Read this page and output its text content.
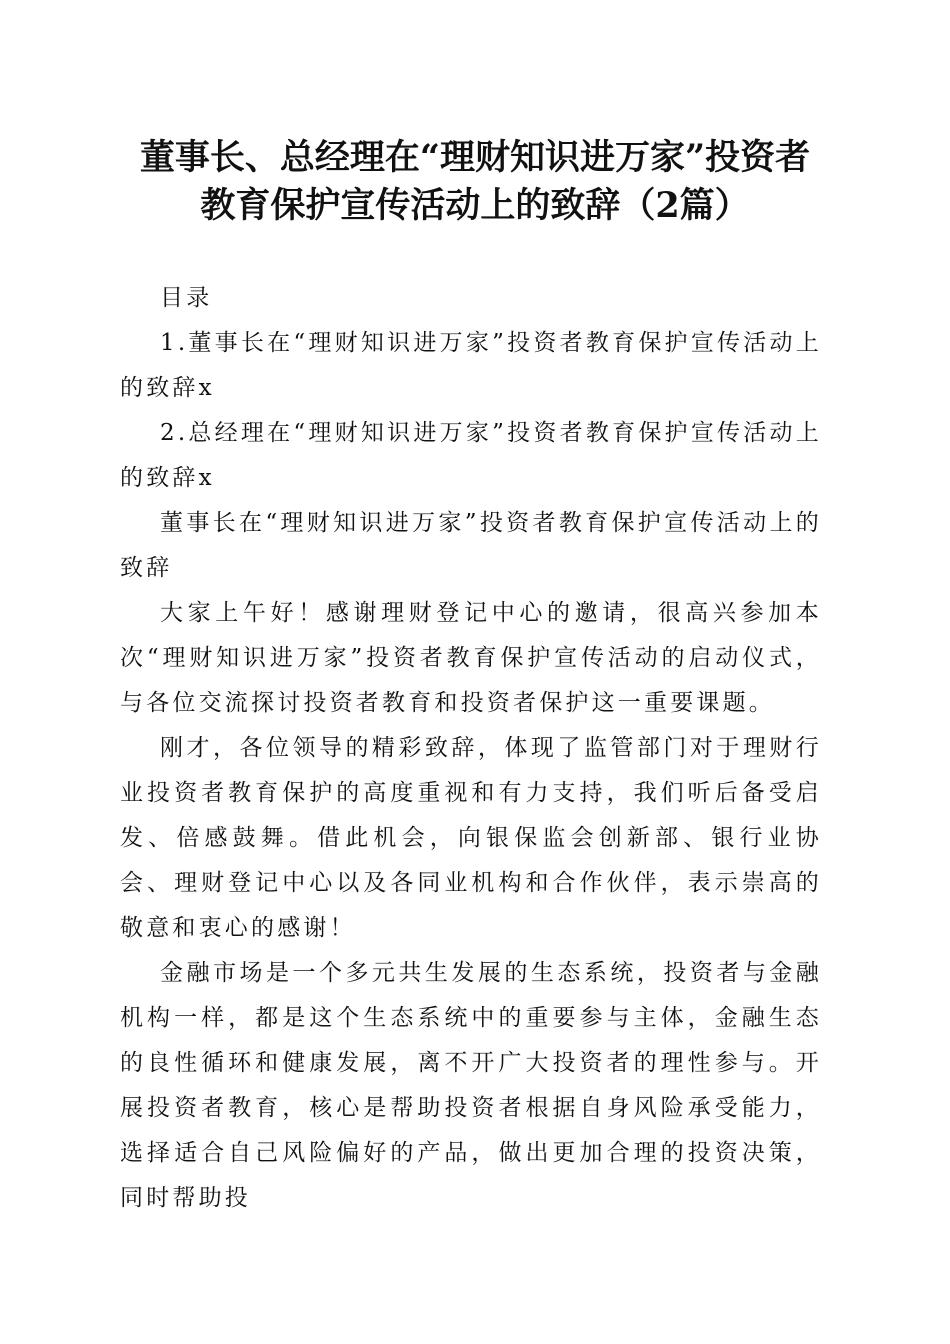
董事长、总经理在“理财知识进万家”投资者
教育保护宣传活动上的致辞（2篇）

目录

1.董事长在“理财知识进万家”投资者教育保护宣传活动上的致辞x

2.总经理在“理财知识进万家”投资者教育保护宣传活动上的致辞x

董事长在“理财知识进万家”投资者教育保护宣传活动上的致辞

大家上午好！感谢理财登记中心的邀请，很高兴参加本次“理财知识进万家”投资者教育保护宣传活动的启动仪式，与各位交流探讨投资者教育和投资者保护这一重要课题。

刚才，各位领导的精彩致辞，体现了监管部门对于理财行业投资者教育保护的高度重视和有力支持，我们听后备受启发、倍感鼓舞。借此机会，向银保监会创新部、银行业协会、理财登记中心以及各同业机构和合作伙伴，表示崇高的敬意和衷心的感谢！

金融市场是一个多元共生发展的生态系统，投资者与金融机构一样，都是这个生态系统中的重要参与主体，金融生态的良性循环和健康发展，离不开广大投资者的理性参与。开展投资者教育，核心是帮助投资者根据自身风险承受能力，选择适合自己风险偏好的产品，做出更加合理的投资决策，同时帮助投
